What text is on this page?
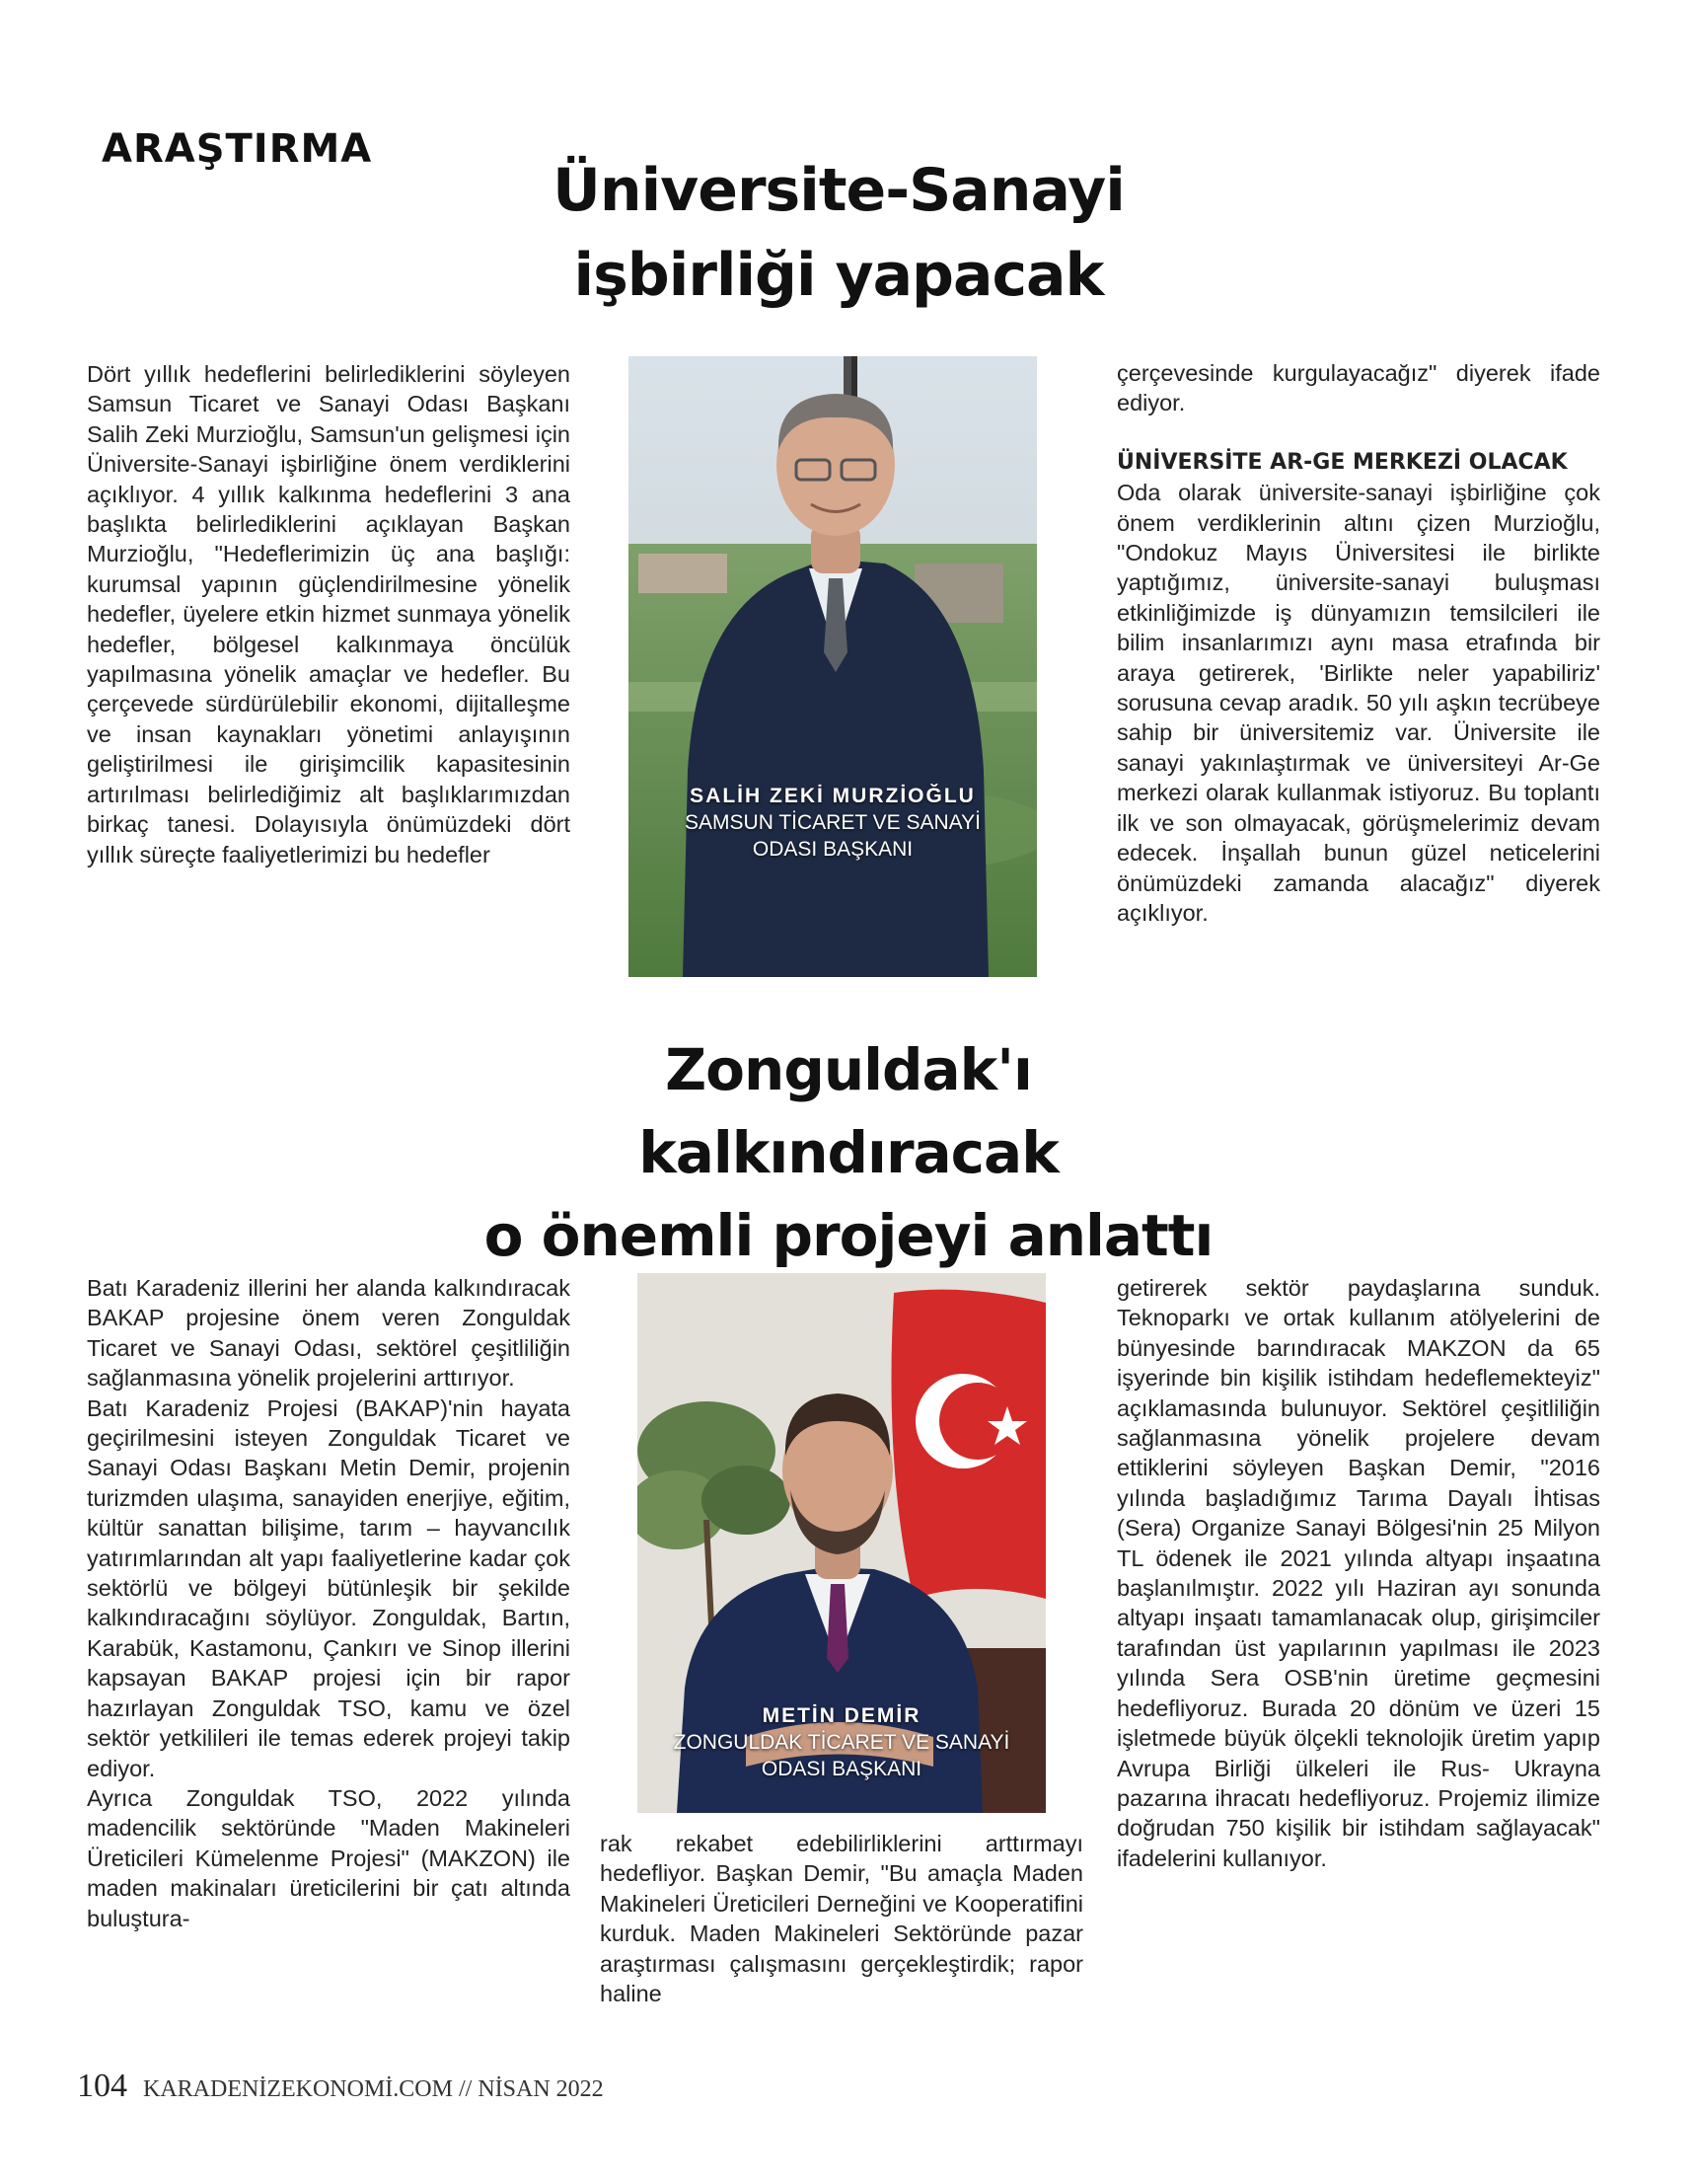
ARAŞTIRMA
Üniversite-Sanayi
işbirliği yapacak

Dört yıllık hedeflerini belirlediklerini söyleyen Samsun Ticaret ve Sanayi Odası Başkanı Salih Zeki Murzioğlu, Samsun'un gelişmesi için Üniversite-Sanayi işbirliğine önem verdiklerini açıklıyor. 4 yıllık kalkınma hedeflerini 3 ana başlıkta belirlediklerini açıklayan Başkan Murzioğlu, "Hedeflerimizin üç ana başlığı: kurumsal yapının güçlendirilmesine yönelik hedefler, üyelere etkin hizmet sunmaya yönelik hedefler, bölgesel kalkınmaya öncülük yapılmasına yönelik amaçlar ve hedefler. Bu çerçevede sürdürülebilir ekonomi, dijitalleşme ve insan kaynakları yönetimi anlayışının geliştirilmesi ile girişimcilik kapasitesinin artırılması belirlediğimiz alt başlıklarımızdan birkaç tanesi. Dolayısıyla önümüzdeki dört yıllık süreçte faaliyetlerimizi bu hedefler

SALİH ZEKİ MURZİOĞLU
SAMSUN TİCARET VE SANAYİ
ODASI BAŞKANI

çerçevesinde kurgulayacağız" diyerek ifade ediyor.

ÜNİVERSİTE AR-GE MERKEZİ OLACAK

Oda olarak üniversite-sanayi işbirliğine çok önem verdiklerinin altını çizen Murzioğlu, "Ondokuz Mayıs Üniversitesi ile birlikte yaptığımız, üniversite-sanayi buluşması etkinliğimizde iş dünyamızın temsilcileri ile bilim insanlarımızı aynı masa etrafında bir araya getirerek, 'Birlikte neler yapabiliriz' sorusuna cevap aradık. 50 yılı aşkın tecrübeye sahip bir üniversitemiz var. Üniversite ile sanayi yakınlaştırmak ve üniversiteyi Ar-Ge merkezi olarak kullanmak istiyoruz. Bu toplantı ilk ve son olmayacak, görüşmelerimiz devam edecek. İnşallah bunun güzel neticelerini önümüzdeki zamanda alacağız" diyerek açıklıyor.

Zonguldak'ı
kalkındıracak
o önemli projeyi anlattı

Batı Karadeniz illerini her alanda kalkındıracak BAKAP projesine önem veren Zonguldak Ticaret ve Sanayi Odası, sektörel çeşitliliğin sağlanmasına yönelik projelerini arttırıyor.

Batı Karadeniz Projesi (BAKAP)'nin hayata geçirilmesini isteyen Zonguldak Ticaret ve Sanayi Odası Başkanı Metin Demir, projenin turizmden ulaşıma, sanayiden enerjiye, eğitim, kültür sanattan bilişime, tarım – hayvancılık yatırımlarından alt yapı faaliyetlerine kadar çok sektörlü ve bölgeyi bütünleşik bir şekilde kalkındıracağını söylüyor. Zonguldak, Bartın, Karabük, Kastamonu, Çankırı ve Sinop illerini kapsayan BAKAP projesi için bir rapor hazırlayan Zonguldak TSO, kamu ve özel sektör yetkilileri ile temas ederek projeyi takip ediyor.

Ayrıca Zonguldak TSO, 2022 yılında madencilik sektöründe "Maden Makineleri Üreticileri Kümelenme Projesi" (MAKZON) ile maden makinaları üreticilerini bir çatı altında buluştura-

METİN DEMİR
ZONGULDAK TİCARET VE SANAYİ
ODASI BAŞKANI

rak rekabet edebilirliklerini arttırmayı hedefliyor. Başkan Demir, "Bu amaçla Maden Makineleri Üreticileri Derneğini ve Kooperatifini kurduk. Maden Makineleri Sektöründe pazar araştırması çalışmasını gerçekleştirdik; rapor haline

getirerek sektör paydaşlarına sunduk. Teknoparkı ve ortak kullanım atölyelerini de bünyesinde barındıracak MAKZON da 65 işyerinde bin kişilik istihdam hedeflemekteyiz" açıklamasında bulunuyor. Sektörel çeşitliliğin sağlanmasına yönelik projelere devam ettiklerini söyleyen Başkan Demir, "2016 yılında başladığımız Tarıma Dayalı İhtisas (Sera) Organize Sanayi Bölgesi'nin 25 Milyon TL ödenek ile 2021 yılında altyapı inşaatına başlanılmıştır. 2022 yılı Haziran ayı sonunda altyapı inşaatı tamamlanacak olup, girişimciler tarafından üst yapılarının yapılması ile 2023 yılında Sera OSB'nin üretime geçmesini hedefliyoruz. Burada 20 dönüm ve üzeri 15 işletmede büyük ölçekli teknolojik üretim yapıp Avrupa Birliği ülkeleri ile Rus- Ukrayna pazarına ihracatı hedefliyoruz. Projemiz ilimize doğrudan 750 kişilik bir istihdam sağlayacak" ifadelerini kullanıyor.

104 KARADENİZEKONOMİ.COM // NİSAN 2022
